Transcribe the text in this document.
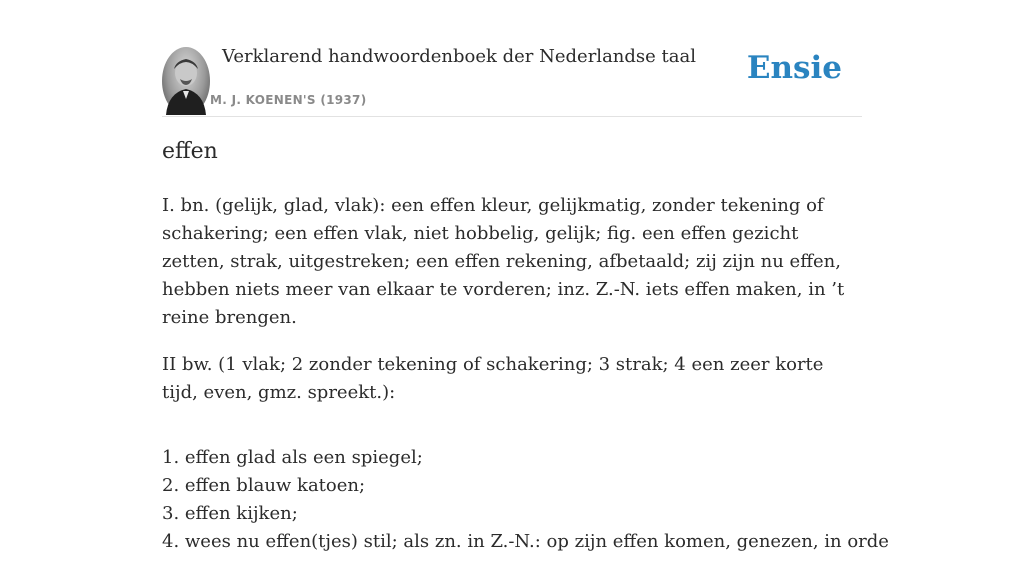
Verklarend handwoordenboek der Nederlandse taal
M. J. KOENEN'S (1937)
Ensie
effen

I. bn. (gelijk, glad, vlak): een effen kleur, gelijkmatig, zonder tekening of schakering; een effen vlak, niet hobbelig, gelijk; fig. een effen gezicht zetten, strak, uitgestreken; een effen rekening, afbetaald; zij zijn nu effen, hebben niets meer van elkaar te vorderen; inz. Z.-N. iets effen maken, in ’t reine brengen.

II bw. (1 vlak; 2 zonder tekening of schakering; 3 strak; 4 een zeer korte tijd, even, gmz. spreekt.):

1. effen glad als een spiegel;
2. effen blauw katoen;
3. effen kijken;
4. wees nu effen(tjes) stil; als zn. in Z.-N.: op zijn effen komen, genezen, in orde
